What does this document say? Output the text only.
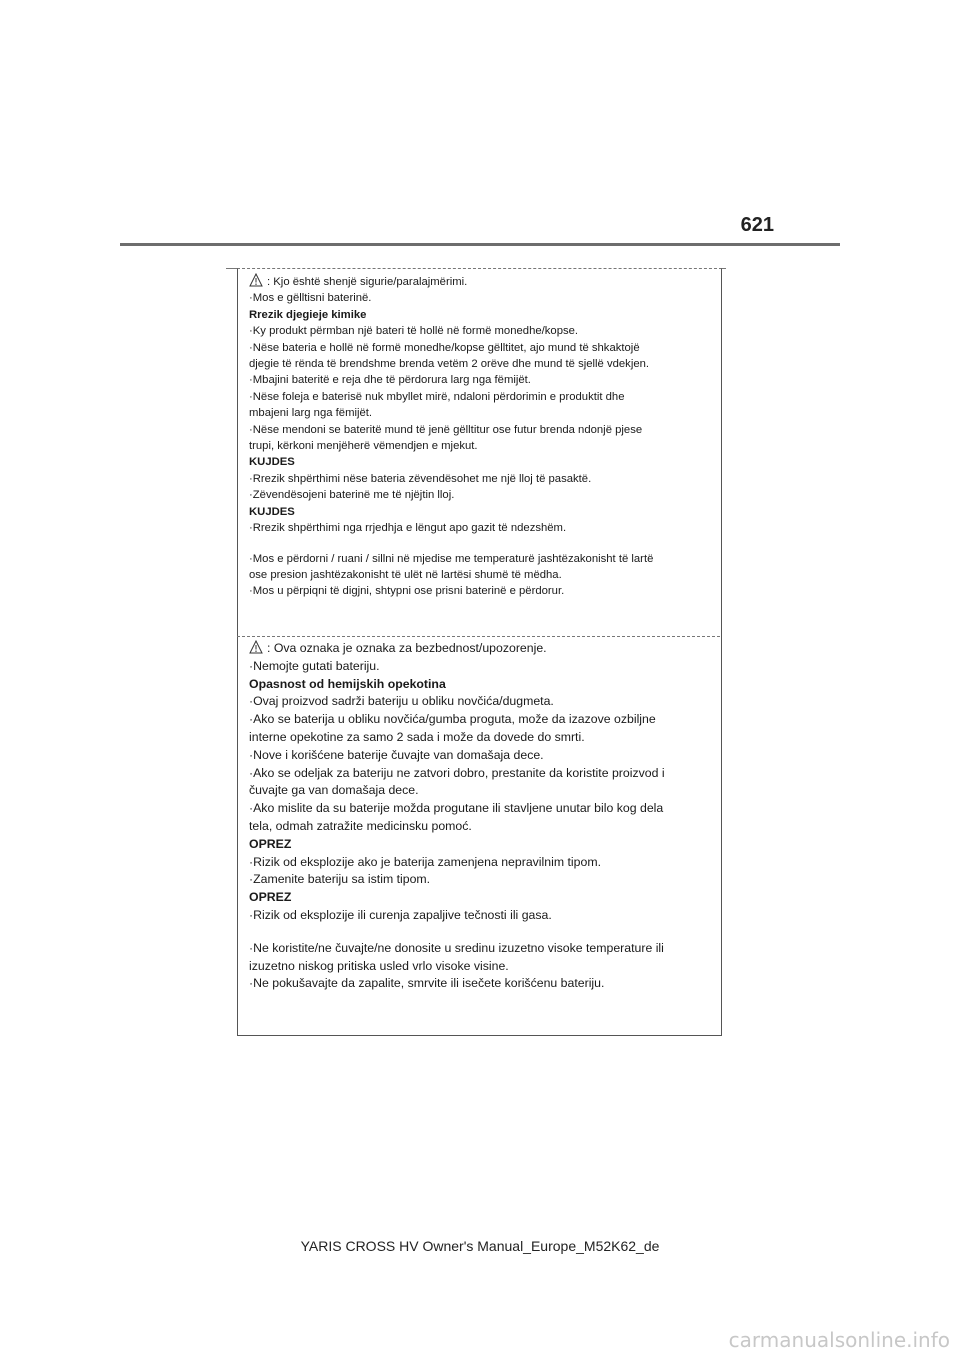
621

: Kjo është shenjë sigurie/paralajmërimi.

·Mos e gëlltisni baterinë.

Rrezik djegieje kimike

·Ky produkt përmban një bateri të hollë në formë monedhe/kopse.

·Nëse bateria e hollë në formë monedhe/kopse gëlltitet, ajo mund të shkaktojë

djegie të rënda të brendshme brenda vetëm 2 orëve dhe mund të sjellë vdekjen.

·Mbajini bateritë e reja dhe të përdorura larg nga fëmijët.

·Nëse foleja e baterisë nuk mbyllet mirë, ndaloni përdorimin e produktit dhe

mbajeni larg nga fëmijët.

·Nëse mendoni se bateritë mund të jenë gëlltitur ose futur brenda ndonjë pjese

trupi, kërkoni menjëherë vëmendjen e mjekut.

KUJDES

·Rrezik shpërthimi nëse bateria zëvendësohet me një lloj të pasaktë.

·Zëvendësojeni baterinë me të njëjtin lloj.

KUJDES

·Rrezik shpërthimi nga rrjedhja e lëngut apo gazit të ndezshëm.

·Mos e përdorni / ruani / sillni në mjedise me temperaturë jashtëzakonisht të lartë

ose presion jashtëzakonisht të ulët në lartësi shumë të mëdha.

·Mos u përpiqni të digjni, shtypni ose prisni baterinë e përdorur.

: Ova oznaka je oznaka za bezbednost/upozorenje.

·Nemojte gutati bateriju.

Opasnost od hemijskih opekotina

·Ovaj proizvod sadrži bateriju u obliku novčića/dugmeta.

·Ako se baterija u obliku novčića/gumba proguta, može da izazove ozbiljne

interne opekotine za samo 2 sada i može da dovede do smrti.

·Nove i korišćene baterije čuvajte van domašaja dece.

·Ako se odeljak za bateriju ne zatvori dobro, prestanite da koristite proizvod i

čuvajte ga van domašaja dece.

·Ako mislite da su baterije možda progutane ili stavljene unutar bilo kog dela

tela, odmah zatražite medicinsku pomoć.

OPREZ

·Rizik od eksplozije ako je baterija zamenjena nepravilnim tipom.

·Zamenite bateriju sa istim tipom.

OPREZ

·Rizik od eksplozije ili curenja zapaljive tečnosti ili gasa.

·Ne koristite/ne čuvajte/ne donosite u sredinu izuzetno visoke temperature ili

izuzetno niskog pritiska usled vrlo visoke visine.

·Ne pokušavajte da zapalite, smrvite ili isečete korišćenu bateriju.

YARIS CROSS HV Owner's Manual_Europe_M52K62_de
carmanualsonline.info
